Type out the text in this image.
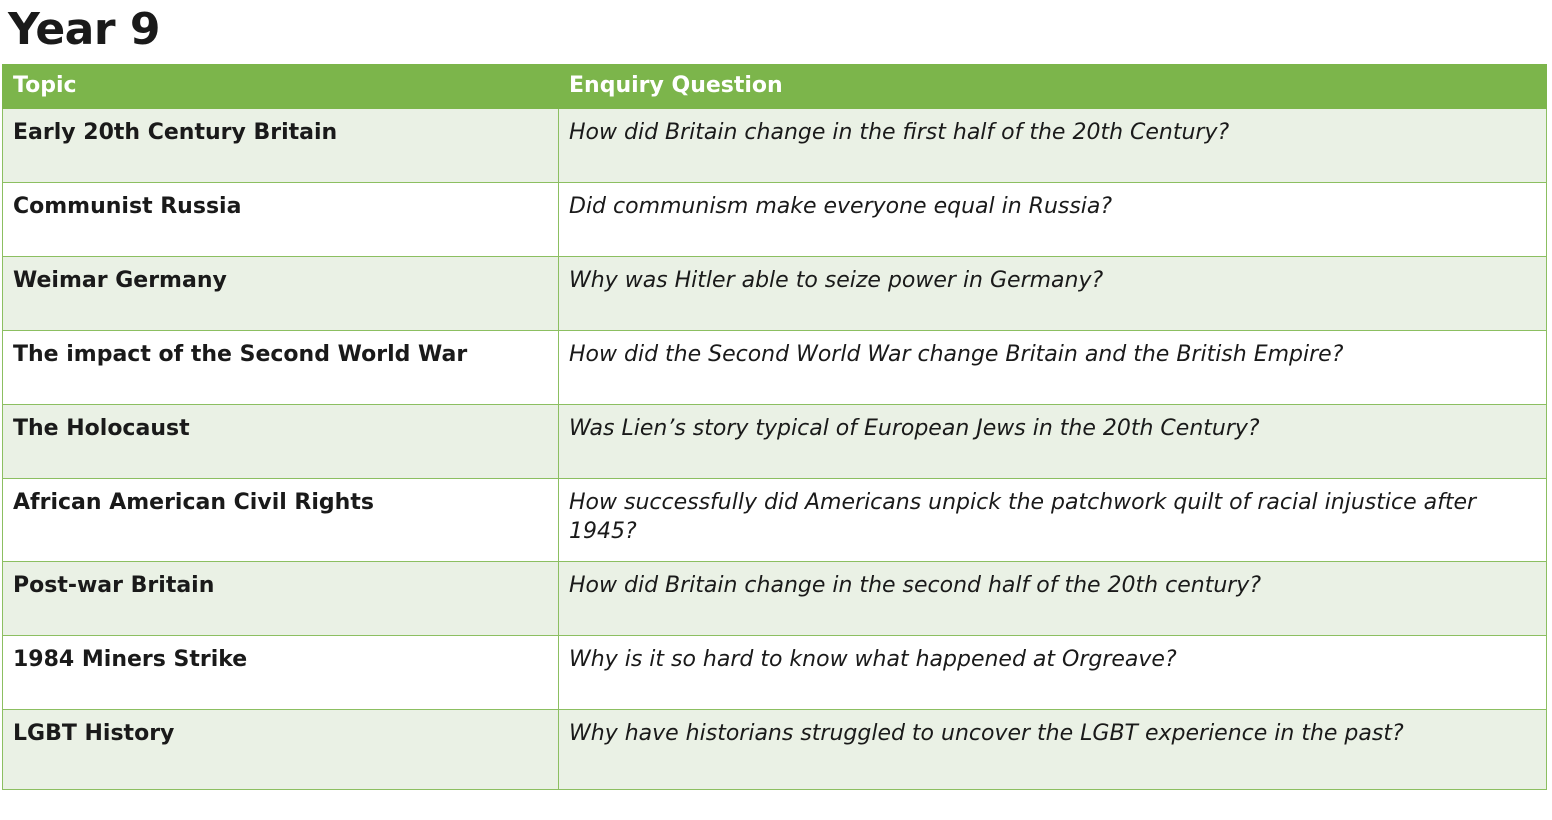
Year 9
Topic	Enquiry Question
Early 20th Century Britain	How did Britain change in the first half of the 20th Century?
Communist Russia	Did communism make everyone equal in Russia?
Weimar Germany	Why was Hitler able to seize power in Germany?
The impact of the Second World War	How did the Second World War change Britain and the British Empire?
The Holocaust	Was Lien’s story typical of European Jews in the 20th Century?
African American Civil Rights	How successfully did Americans unpick the patchwork quilt of racial injustice after 1945?
Post-war Britain	How did Britain change in the second half of the 20th century?
1984 Miners Strike	Why is it so hard to know what happened at Orgreave?
LGBT History	Why have historians struggled to uncover the LGBT experience in the past?
